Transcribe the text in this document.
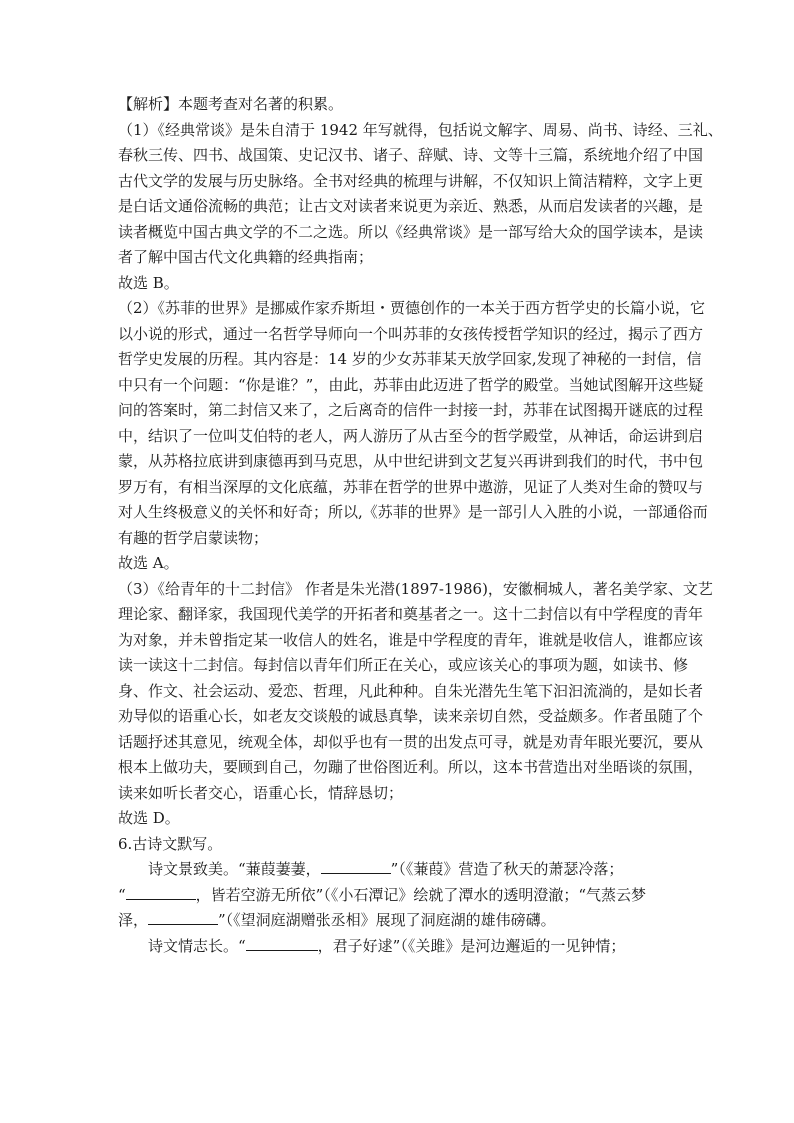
【解析】本题考查对名著的积累。
（1）《经典常谈》是朱自清于 1942 年写就得，包括说文解字、周易、尚书、诗经、三礼、
春秋三传、四书、战国策、史记汉书、诸子、辞赋、诗、文等十三篇，系统地介绍了中国
古代文学的发展与历史脉络。全书对经典的梳理与讲解，不仅知识上简洁精粹，文字上更
是白话文通俗流畅的典范；让古文对读者来说更为亲近、熟悉，从而启发读者的兴趣，是
读者概览中国古典文学的不二之选。所以《经典常谈》是一部写给大众的国学读本，是读
者了解中国古代文化典籍的经典指南；
故选 B。
（2）《苏菲的世界》是挪威作家乔斯坦・贾德创作的一本关于西方哲学史的长篇小说，它
以小说的形式，通过一名哲学导师向一个叫苏菲的女孩传授哲学知识的经过，揭示了西方
哲学史发展的历程。其内容是：14 岁的少女苏菲某天放学回家,发现了神秘的一封信，信
中只有一个问题：“你是谁？”，由此，苏菲由此迈进了哲学的殿堂。当她试图解开这些疑
问的答案时，第二封信又来了，之后离奇的信件一封接一封，苏菲在试图揭开谜底的过程
中，结识了一位叫艾伯特的老人，两人游历了从古至今的哲学殿堂，从神话，命运讲到启
蒙，从苏格拉底讲到康德再到马克思，从中世纪讲到文艺复兴再讲到我们的时代，书中包
罗万有，有相当深厚的文化底蕴，苏菲在哲学的世界中遨游，见证了人类对生命的赞叹与
对人生终极意义的关怀和好奇；所以,《苏菲的世界》是一部引人入胜的小说，一部通俗而
有趣的哲学启蒙读物；
故选 A。
（3）《给青年的十二封信》 作者是朱光潜(1897-1986)，安徽桐城人，著名美学家、文艺
理论家、翻译家，我国现代美学的开拓者和奠基者之一。这十二封信以有中学程度的青年
为对象，并未曾指定某一收信人的姓名，谁是中学程度的青年，谁就是收信人，谁都应该
读一读这十二封信。每封信以青年们所正在关心，或应该关心的事项为题，如读书、修
身、作文、社会运动、爱恋、哲理，凡此种种。自朱光潜先生笔下汩汩流淌的，是如长者
劝导似的语重心长，如老友交谈般的诚恳真挚，读来亲切自然，受益颇多。作者虽随了个
话题抒述其意见，统观全体，却似乎也有一贯的出发点可寻，就是劝青年眼光要沉，要从
根本上做功夫，要顾到自己，勿蹦了世俗图近利。所以，这本书营造出对坐晤谈的氛围，
读来如听长者交心，语重心长，情辞恳切；
故选 D。
6.古诗文默写。
诗文景致美。“蒹葭萋萋，	”（《蒹葭》营造了秋天的萧瑟冷落；
“	，皆若空游无所依”（《小石潭记》绘就了潭水的透明澄澈；“气蒸云梦
泽，	”（《望洞庭湖赠张丞相》展现了洞庭湖的雄伟磅礴。
诗文情志长。“	，君子好逑”（《关雎》是河边邂逅的一见钟情；
